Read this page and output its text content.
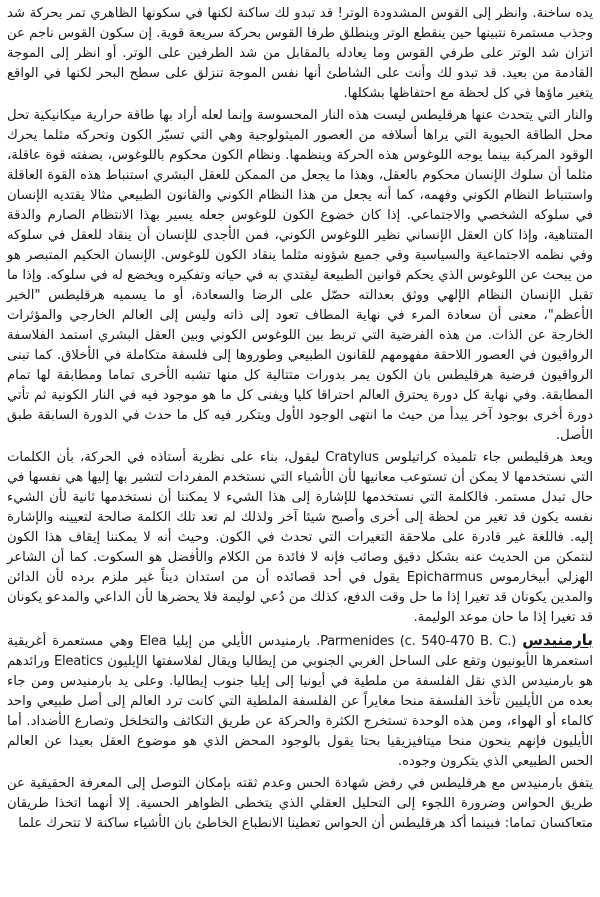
يده ساخنة. وانظر إلى القوس المشدودة الوتر! قد تبدو لك ساكنة لكنها في سكونها الظاهري تمر بحركة شد وجذب مستمرة نتبينها حين ينقطع الوتر وينطلق طرفا القوس بحركة سريعة قوية. إن سكون القوس ناجم عن اتزان شد الوتر على طرفي القوس وما يعادله بالمقابل من شد الطرفين على الوتر. أو انظر إلى الموجة القادمة من بعيد. قد تبدو لك وأنت على الشاطئ أنها نفس الموجة تنزلق على سطح البحر لكنها في الواقع يتغير ماؤها في كل لحظة مع احتفاظها بشكلها.

والنار التي يتحدث عنها هرقليطس ليست هذه النار المحسوسة وإنما لعله أراد بها طاقة حرارية ميكانيكية تحل محل الطاقة الحيوية التي يراها أسلافه من العصور الميثولوجية وهي التي تسيّر الكون وتحركه مثلما يحرك الوقود المركبة بينما يوجه اللوغوس هذه الحركة وينظمها. ونظام الكون محكوم باللوغوس، بصفته قوة عاقلة، مثلما أن سلوك الإنسان محكوم بالعقل، وهذا ما يجعل من الممكن للعقل البشري استنباط هذه القوة العاقلة واستنباط النظام الكوني وفهمه، كما أنه يجعل من هذا النظام الكوني والقانون الطبيعي مثالا يقتديه الإنسان في سلوكه الشخصي والاجتماعي. إذا كان خضوع الكون للوغوس جعله يسير بهذا الانتظام الصارم والدقة المتناهية، وإذا كان العقل الإنساني نظير اللوغوس الكوني، فمن الأجدى للإنسان أن ينقاد للعقل في سلوكه وفي نظمه الاجتماعية والسياسية وفي جميع شؤونه مثلما ينقاد الكون للوغوس. الإنسان الحكيم المتبصر هو من يبحث عن اللوغوس الذي يحكم قوانين الطبيعة ليقتدي به في حياته وتفكيره ويخضع له في سلوكه. وإذا ما تقبل الإنسان النظام الإلهي ووثق بعدالته حصّل على الرضا والسعادة، أو ما يسميه هرقليطس "الخير الأعظم"، معنى أن سعادة المرء في نهاية المطاف تعود إلى ذاته وليس إلى العالم الخارجي والمؤثرات الخارجة عن الذات. من هذه الفرضية التي تربط بين اللوغوس الكوني وبين العقل البشري استمد الفلاسفة الرواقيون في العصور اللاحقة مفهومهم للقانون الطبيعي وطوروها إلى فلسفة متكاملة في الأخلاق. كما تبنى الرواقيون فرضية هرقليطس بان الكون يمر بدورات متتالية كل منها تشبه الأخرى تماما ومطابقة لها تمام المطابقة. وفي نهاية كل دورة يحترق العالم احتراقا كليا ويفنى كل ما هو موجود فيه في النار الكونية ثم تأتي دورة أخرى بوجود آخر يبدأ من حيث ما انتهى الوجود الأول ويتكرر فيه كل ما حدث في الدورة السابقة طبق الأصل.

ويعد هرقليطس جاء تلميذه كراتيلوس Cratylus ليقول، بناء على نظرية أستاذه في الحركة، بأن الكلمات التي نستخدمها لا يمكن أن تستوعب معانيها لأن الأشياء التي نستخدم المفردات لتشير بها إليها هي نفسها في حال تبدل مستمر. فالكلمة التي نستخدمها للإشارة إلى هذا الشيء لا يمكننا أن نستخدمها ثانية لأن الشيء نفسه يكون قد تغير من لحظة إلى أخرى وأصبح شيئا آخر ولذلك لم تعد تلك الكلمة صالحة لتعيينه والإشارة إليه. فاللغة غير قادرة على ملاحقة التغيرات التي تحدث في الكون. وحيث أنه لا يمكننا إيقاف هذا الكون لنتمكن من الحديث عنه بشكل دقيق وصائب فإنه لا فائدة من الكلام والأفضل هو السكوت. كما أن الشاعر الهزلي أبيخارموس Epicharmus يقول في أحد قصائده أن من استدان ديناً غير ملزم برده لأن الدائن والمدين يكونان قد تغيرا إذا ما حل وقت الدفع، كذلك من دُعي لوليمة فلا يحضرها لأن الداعي والمدعو يكونان قد تغيرا إذا ما حان موعد الوليمة.

بارمنيدس Parmenides (c. 540-470 B. C.). بارمنيدس الأيلي من إيليا Elea وهي مستعمرة أغريقية استعمرها الأيونيون وتقع على الساحل الغربي الجنوبي من إيطاليا ويقال لفلاسفتها الإيليون Eleatics ورائدهم هو بارمنيدس الذي نقل الفلسفة من ملطية في أيونيا إلى إيليا جنوب إيطاليا. وعلى يد بارمنيدس ومن جاء بعده من الأيليين تأخذ الفلسفة منحا مغايراً عن الفلسفة الملطية التي كانت ترد العالم إلى أصل طبيعي واحد كالماء أو الهواء، ومن هذه الوحدة تستخرج الكثرة والحركة عن طريق التكاثف والتخلخل وتصارع الأضداد. أما الأيليون فإنهم ينحون منحا ميتافيزيقيا بحتا يقول بالوجود المحض الذي هو موضوع العقل بعيدا عن العالم الحس الطبيعي الذي يتكرون وجوده.

يتفق بارمنيدس مع هرقليطس في رفض شهادة الحس وعدم ثقته بإمكان التوصل إلى المعرفة الحقيقية عن طريق الحواس وضرورة اللجوء إلى التحليل العقلي الذي يتخطى الظواهر الحسية. إلا أنهما اتخذا طريقان متعاكسان تماما: فبينما أكد هرقليطس أن الحواس تعطينا الانطباع الخاطئ بان الأشياء ساكنة لا تتحرك علما
